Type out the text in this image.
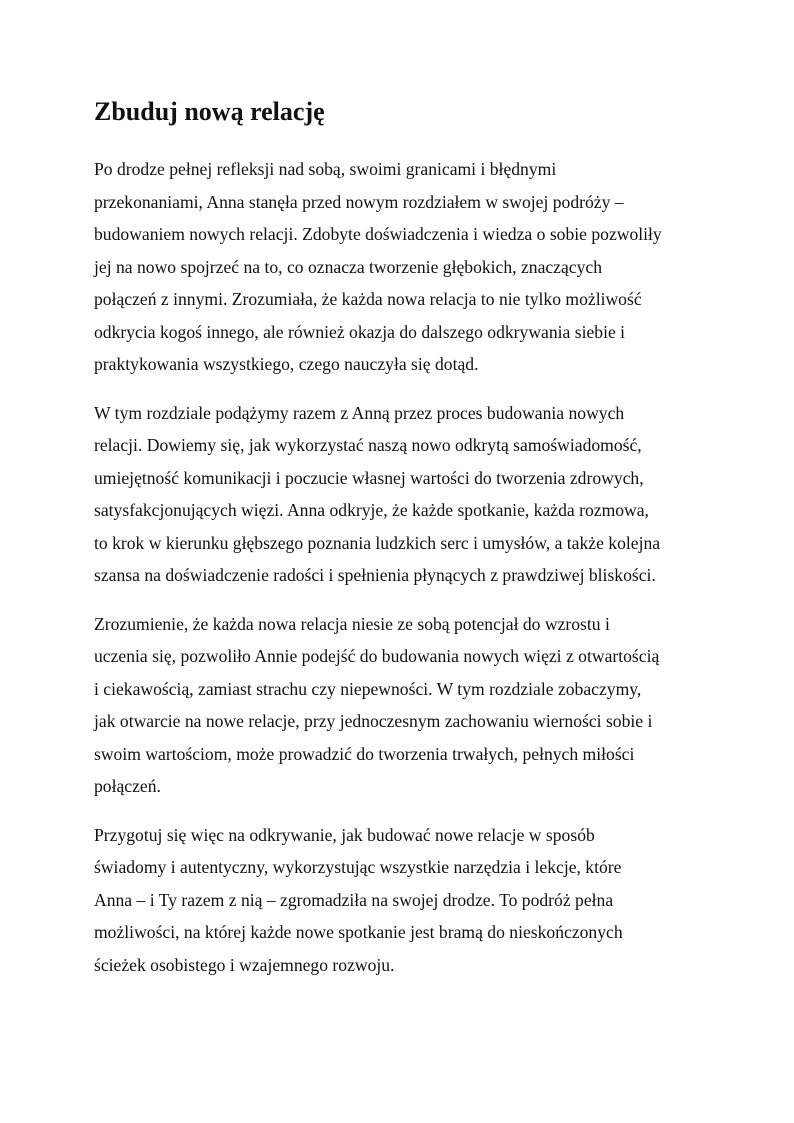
Zbuduj nową relację

Po drodze pełnej refleksji nad sobą, swoimi granicami i błędnymi
przekonaniami, Anna stanęła przed nowym rozdziałem w swojej podróży –
budowaniem nowych relacji. Zdobyte doświadczenia i wiedza o sobie pozwoliły
jej na nowo spojrzeć na to, co oznacza tworzenie głębokich, znaczących
połączeń z innymi. Zrozumiała, że każda nowa relacja to nie tylko możliwość
odkrycia kogoś innego, ale również okazja do dalszego odkrywania siebie i
praktykowania wszystkiego, czego nauczyła się dotąd.

W tym rozdziale podążymy razem z Anną przez proces budowania nowych
relacji. Dowiemy się, jak wykorzystać naszą nowo odkrytą samoświadomość,
umiejętność komunikacji i poczucie własnej wartości do tworzenia zdrowych,
satysfakcjonujących więzi. Anna odkryje, że każde spotkanie, każda rozmowa,
to krok w kierunku głębszego poznania ludzkich serc i umysłów, a także kolejna
szansa na doświadczenie radości i spełnienia płynących z prawdziwej bliskości.

Zrozumienie, że każda nowa relacja niesie ze sobą potencjał do wzrostu i
uczenia się, pozwoliło Annie podejść do budowania nowych więzi z otwartością
i ciekawością, zamiast strachu czy niepewności. W tym rozdziale zobaczymy,
jak otwarcie na nowe relacje, przy jednoczesnym zachowaniu wierności sobie i
swoim wartościom, może prowadzić do tworzenia trwałych, pełnych miłości
połączeń.

Przygotuj się więc na odkrywanie, jak budować nowe relacje w sposób
świadomy i autentyczny, wykorzystując wszystkie narzędzia i lekcje, które
Anna – i Ty razem z nią – zgromadziła na swojej drodze. To podróż pełna
możliwości, na której każde nowe spotkanie jest bramą do nieskończonych
ścieżek osobistego i wzajemnego rozwoju.
